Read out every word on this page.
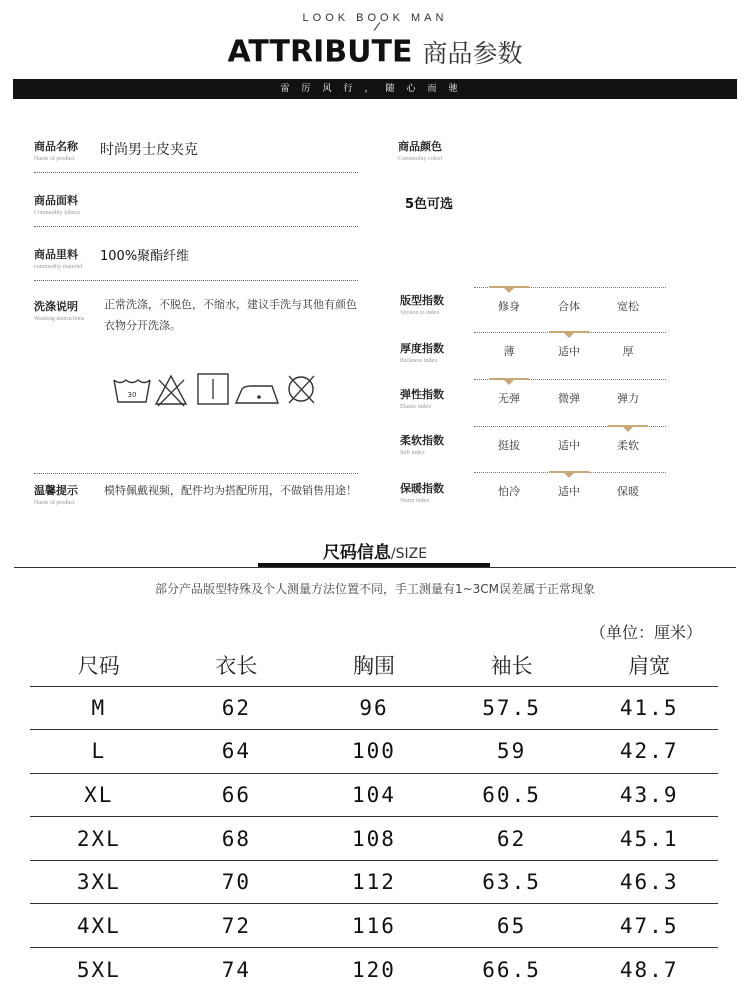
LOOK BOOK MAN
ATTRIBUTE 商品参数
雷厉风行，随心而驰
商品名称
Name of product
时尚男士皮夹克	商品颜色
Commodity colort
5色可选
商品面料
Commodity fabrics
商品里料
commodity materiel
100%聚酯纤维
洗涤说明
Washing instructions
正常洗涤，不脱色，不缩水，建议手洗与其他有颜色衣物分开洗涤。
30
温馨提示
Name of product
模特佩戴视频，配件均为搭配所用，不做销售用途！
版型指数
Version to index	修身	合体	宽松
厚度指数
thickness index
薄	适中	厚
弹性指数
Elastic index
无弹	微弹	弹力
柔软指数
Soft index
挺拔	适中	柔软
保暖指数
Warm index
怕冷	适中	保暖
尺码信息/SIZE
部分产品版型特殊及个人测量方法位置不同，手工测量有1~3CM误差属于正常现象
（单位：厘米）
尺码	衣长	胸围	袖长	肩宽
M	62	96	57.5	41.5
L	64	100	59	42.7
XL	66	104	60.5	43.9
2XL	68	108	62	45.1
3XL	70	112	63.5	46.3
4XL	72	116	65	47.5
5XL	74	120	66.5	48.7
